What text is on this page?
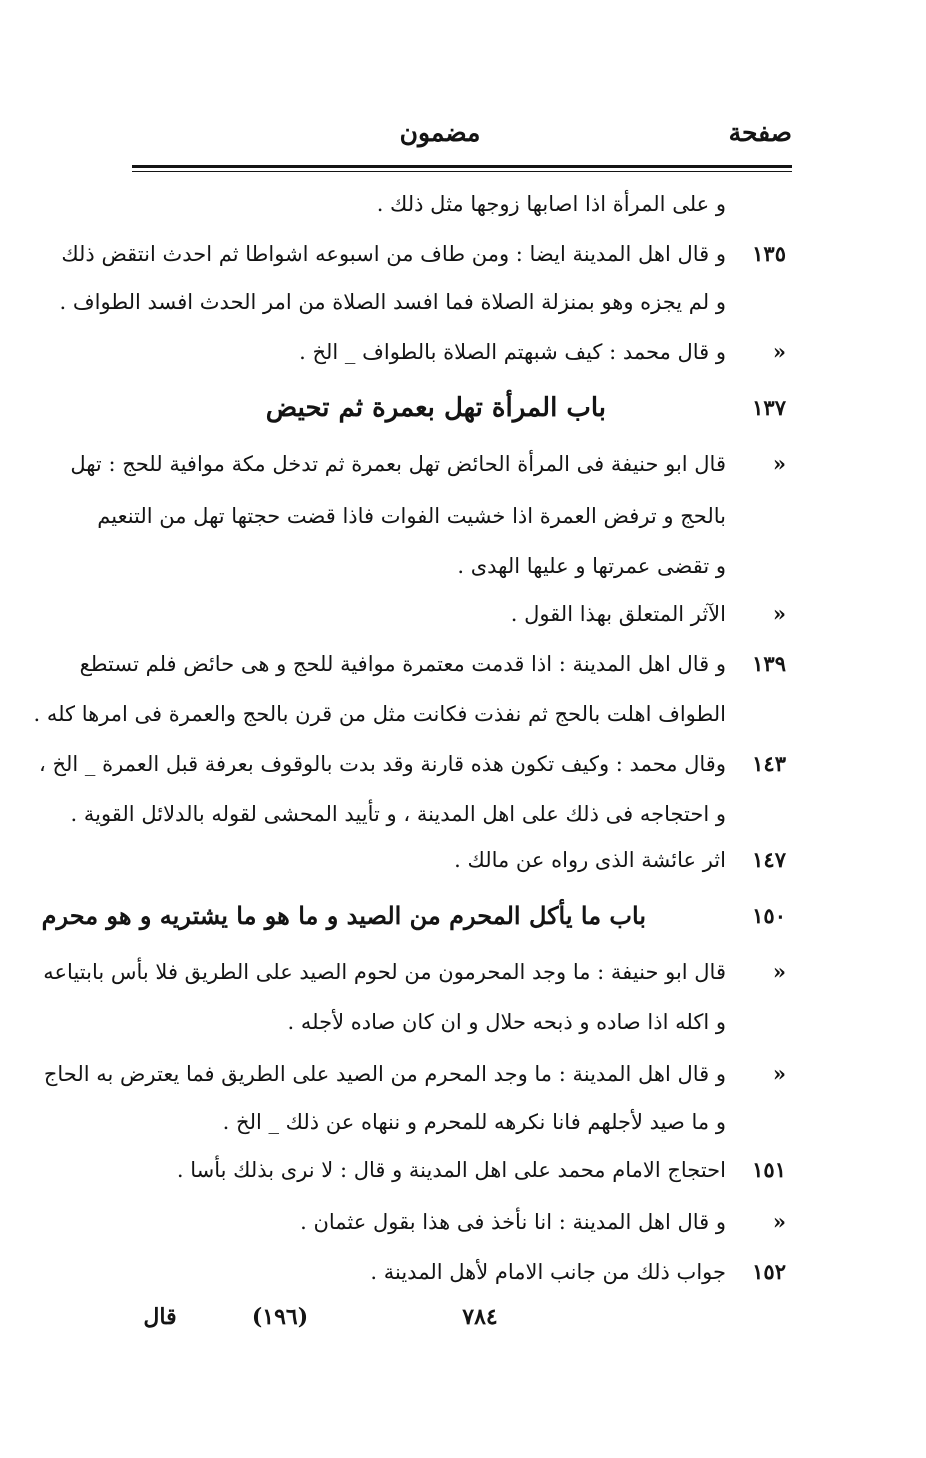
صفحة
مضمون
و على المرأة اذا اصابها زوجها مثل ذلك .
١٣٥
و قال اهل المدينة ايضا : ومن طاف من اسبوعه اشواطا ثم احدث انتقض ذلك
و لم يجزه وهو بمنزلة الصلاة فما افسد الصلاة من امر الحدث افسد الطواف .
«
و قال محمد : كيف شبهتم الصلاة بالطواف _ الخ .
١٣٧
باب المرأة تهل بعمرة ثم تحيض
«
قال ابو حنيفة فى المرأة الحائض تهل بعمرة ثم تدخل مكة موافية للحج : تهل
بالحج و ترفض العمرة اذا خشيت الفوات فاذا قضت حجتها تهل من التنعيم
و تقضى عمرتها و عليها الهدى .
«
الآثر المتعلق بهذا القول .
١٣٩
و قال اهل المدينة : اذا قدمت معتمرة موافية للحج و هى حائض فلم تستطع
الطواف اهلت بالحج ثم نفذت فكانت مثل من قرن بالحج والعمرة فى امرها كله .
١٤٣
وقال محمد : وكيف تكون هذه قارنة وقد بدت بالوقوف بعرفة قبل العمرة _ الخ ،
و احتجاجه فى ذلك على اهل المدينة ، و تأييد المحشى لقوله بالدلائل القوية .
١٤٧
اثر عائشة الذى رواه عن مالك .
١٥٠
باب ما يأكل المحرم من الصيد و ما هو ما يشتريه و هو محرم
«
قال ابو حنيفة : ما وجد المحرمون من لحوم الصيد على الطريق فلا بأس بابتياعه
و اكله اذا صاده و ذبحه حلال و ان كان صاده لأجله .
«
و قال اهل المدينة : ما وجد المحرم من الصيد على الطريق فما يعترض به الحاج
و ما صيد لأجلهم فانا نكرهه للمحرم و ننهاه عن ذلك _ الخ .
١٥١
احتجاج الامام محمد على اهل المدينة و قال : لا نرى بذلك بأسا .
«
و قال اهل المدينة : انا نأخذ فى هذا بقول عثمان .
١٥٢
جواب ذلك من جانب الامام لأهل المدينة .
٧٨٤
(١٩٦)
قال
